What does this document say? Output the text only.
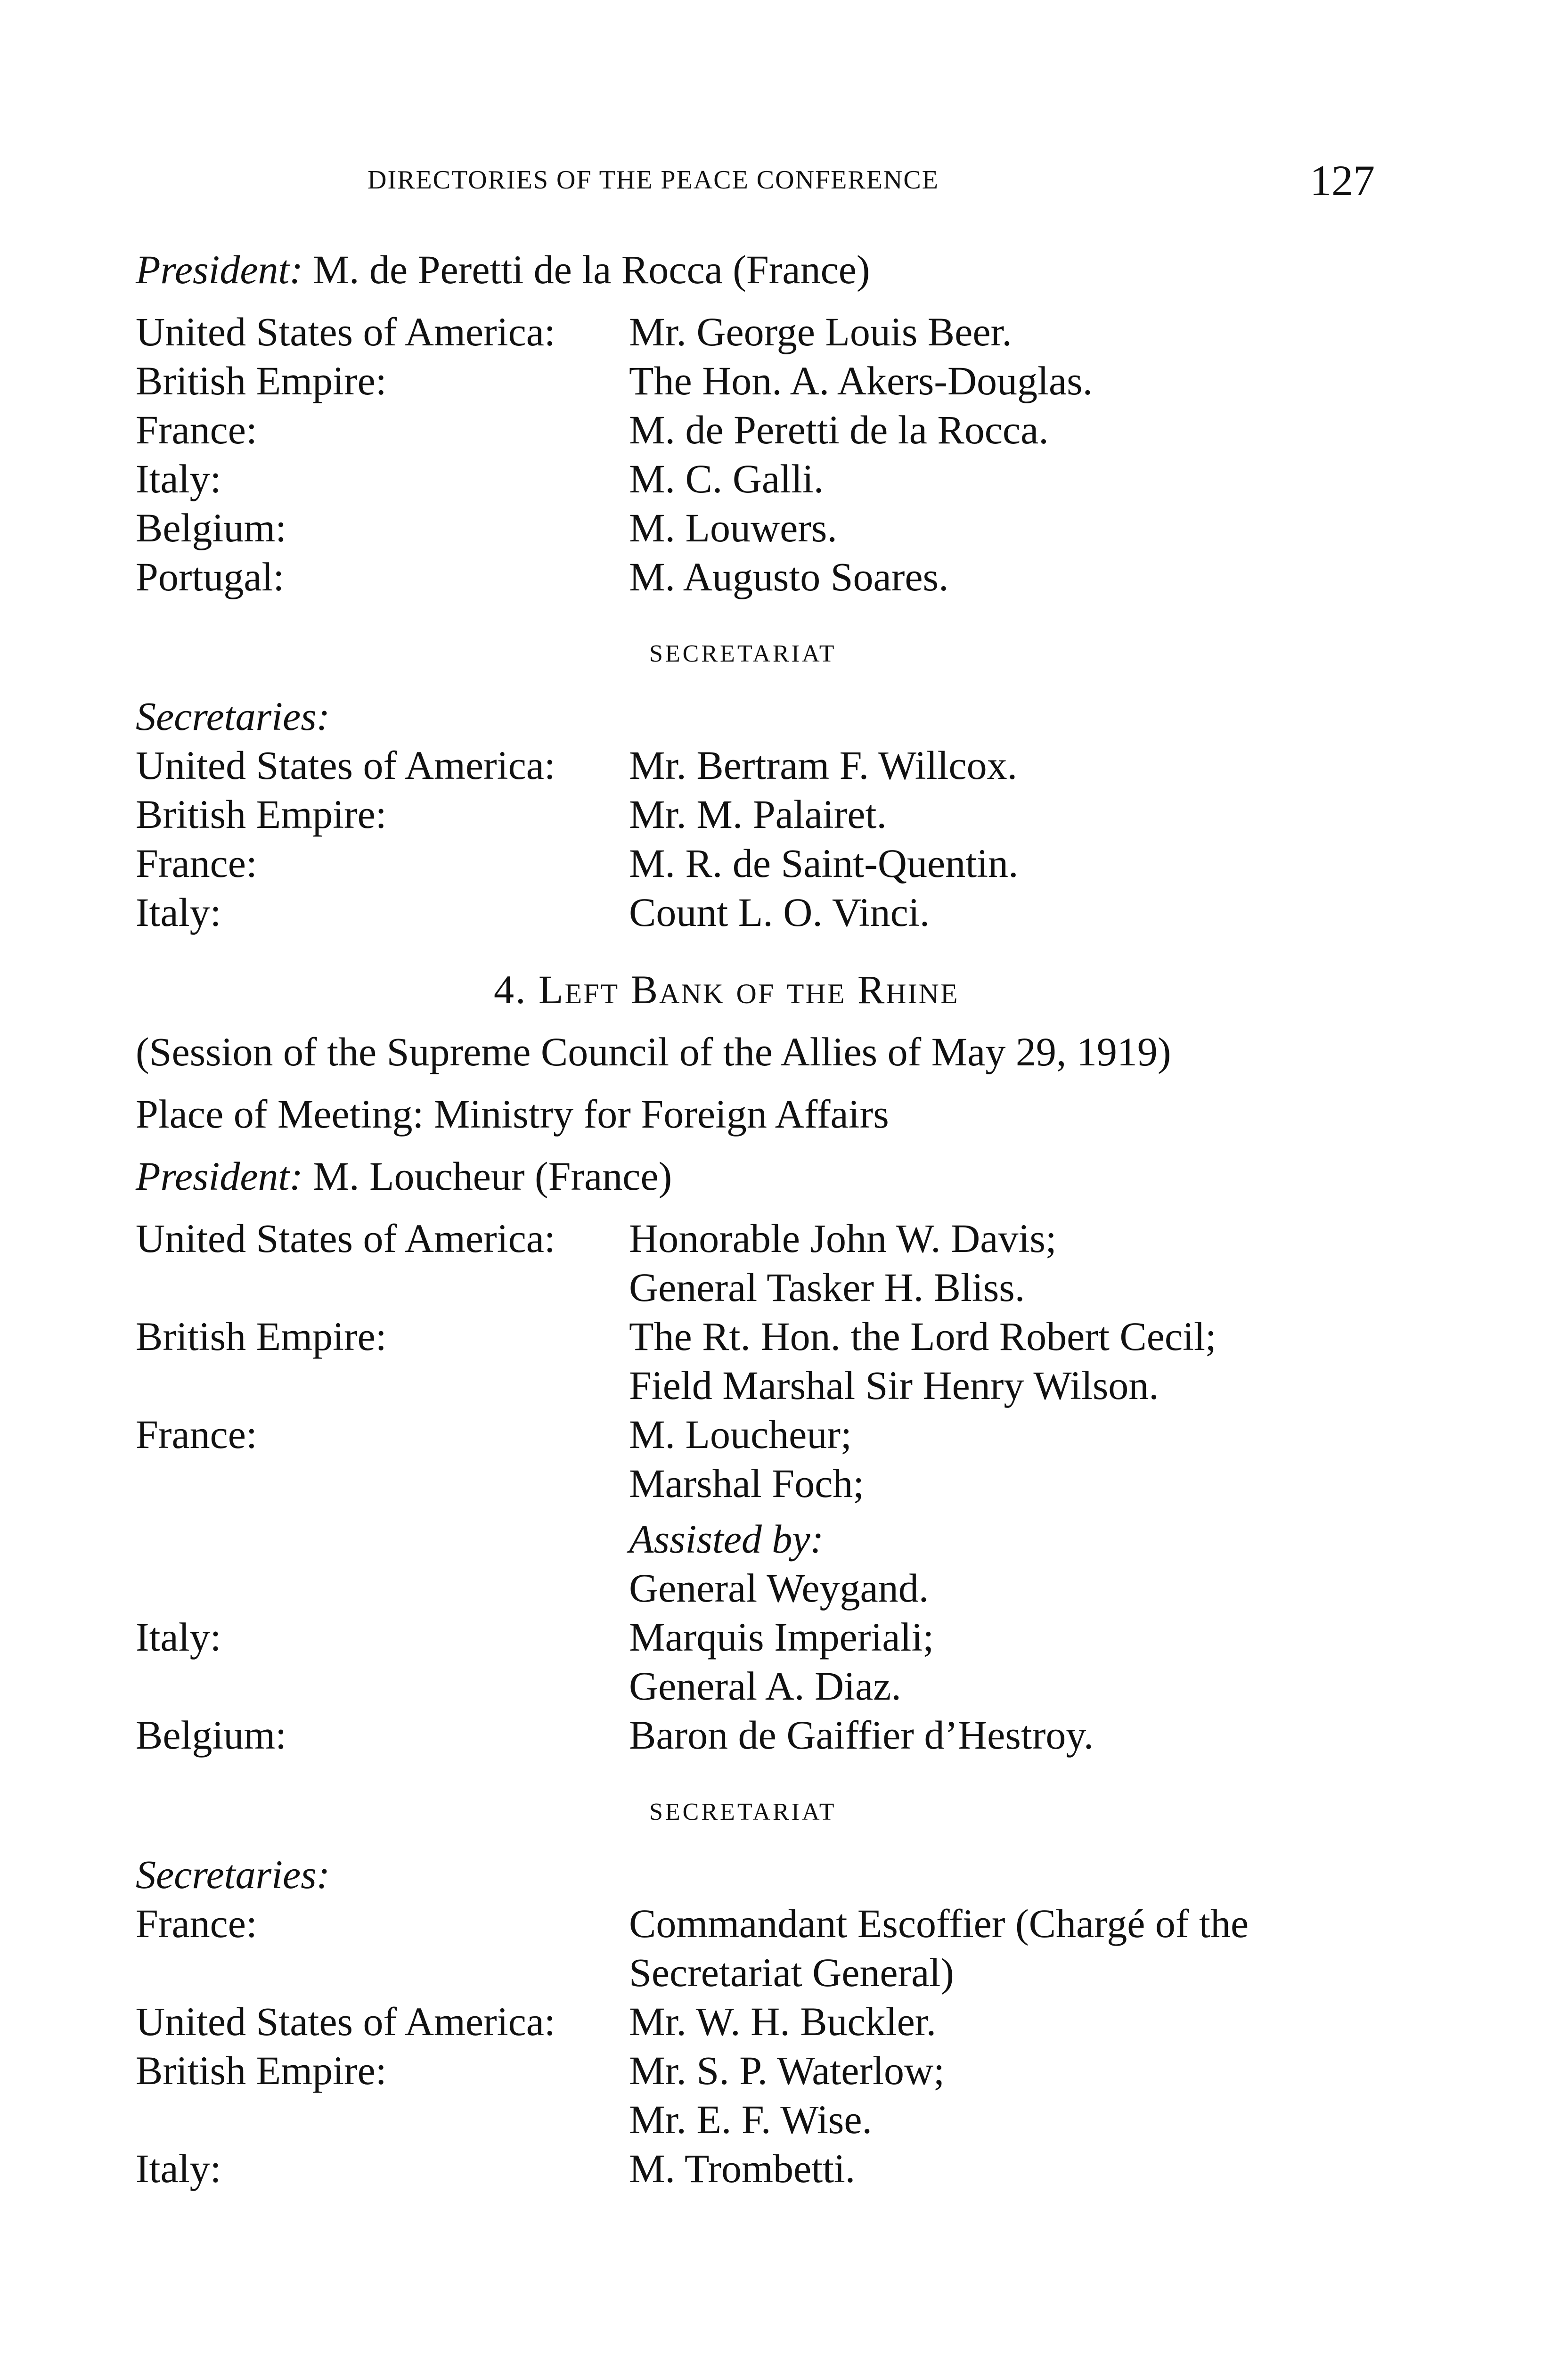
DIRECTORIES OF THE PEACE CONFERENCE	127
President: M. de Peretti de la Rocca (France)
United States of America:	Mr. George Louis Beer.
British Empire:	The Hon. A. Akers-Douglas.
France:	M. de Peretti de la Rocca.
Italy:	M. C. Galli.
Belgium:	M. Louwers.
Portugal:	M. Augusto Soares.
SECRETARIAT
Secretaries:
United States of America:	Mr. Bertram F. Willcox.
British Empire:	Mr. M. Palairet.
France:	M. R. de Saint-Quentin.
Italy:	Count L. O. Vinci.
4. Left Bank of the Rhine
(Session of the Supreme Council of the Allies of May 29, 1919)
Place of Meeting: Ministry for Foreign Affairs
President: M. Loucheur (France)
United States of America:	Honorable John W. Davis;
General Tasker H. Bliss.
British Empire:	The Rt. Hon. the Lord Robert Cecil;
Field Marshal Sir Henry Wilson.
France:	M. Loucheur;
Marshal Foch;
Assisted by:
General Weygand.
Italy:	Marquis Imperiali;
General A. Diaz.
Belgium:	Baron de Gaiffier d’Hestroy.
SECRETARIAT
Secretaries:
France:	Commandant Escoffier (Chargé of the Secretariat General)
United States of America:	Mr. W. H. Buckler.
British Empire:	Mr. S. P. Waterlow;
Mr. E. F. Wise.
Italy:	M. Trombetti.
